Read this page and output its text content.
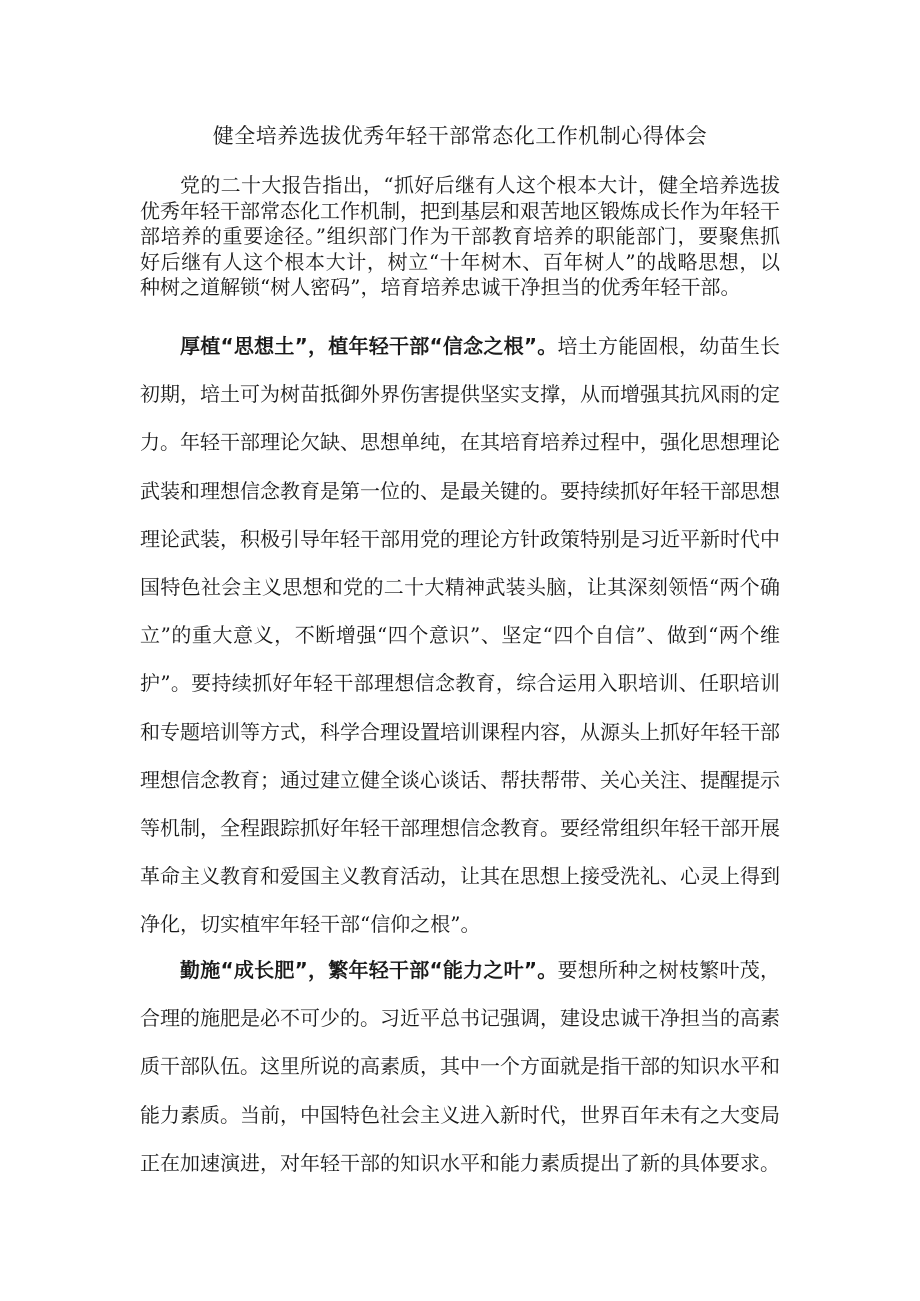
健全培养选拔优秀年轻干部常态化工作机制心得体会

党的二十大报告指出，“抓好后继有人这个根本大计，健全培养选拔优秀年轻干部常态化工作机制，把到基层和艰苦地区锻炼成长作为年轻干部培养的重要途径。”组织部门作为干部教育培养的职能部门，要聚焦抓好后继有人这个根本大计，树立“十年树木、百年树人”的战略思想，以种树之道解锁“树人密码”，培育培养忠诚干净担当的优秀年轻干部。

厚植“思想土”，植年轻干部“信念之根”。培土方能固根，幼苗生长初期，培土可为树苗抵御外界伤害提供坚实支撑，从而增强其抗风雨的定力。年轻干部理论欠缺、思想单纯，在其培育培养过程中，强化思想理论武装和理想信念教育是第一位的、是最关键的。要持续抓好年轻干部思想理论武装，积极引导年轻干部用党的理论方针政策特别是习近平新时代中国特色社会主义思想和党的二十大精神武装头脑，让其深刻领悟“两个确立”的重大意义，不断增强“四个意识”、坚定“四个自信”、做到“两个维护”。要持续抓好年轻干部理想信念教育，综合运用入职培训、任职培训和专题培训等方式，科学合理设置培训课程内容，从源头上抓好年轻干部理想信念教育；通过建立健全谈心谈话、帮扶帮带、关心关注、提醒提示等机制，全程跟踪抓好年轻干部理想信念教育。要经常组织年轻干部开展革命主义教育和爱国主义教育活动，让其在思想上接受洗礼、心灵上得到净化，切实植牢年轻干部“信仰之根”。

勤施“成长肥”，繁年轻干部“能力之叶”。要想所种之树枝繁叶茂，合理的施肥是必不可少的。习近平总书记强调，建设忠诚干净担当的高素质干部队伍。这里所说的高素质，其中一个方面就是指干部的知识水平和能力素质。当前，中国特色社会主义进入新时代，世界百年未有之大变局正在加速演进，对年轻干部的知识水平和能力素质提出了新的具体要求。
